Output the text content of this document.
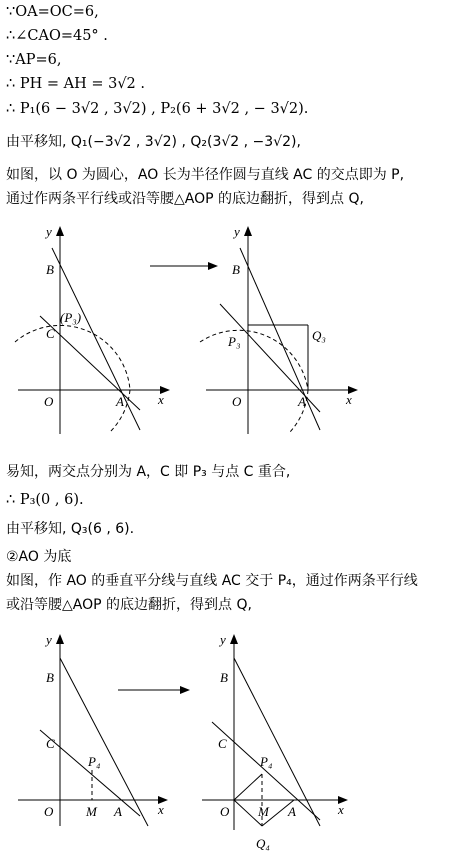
∵OA=OC=6,
∴∠CAO=45° .
∵AP=6,
∴ PH = AH = 3√2 .
∴ P₁(6 − 3√2 , 3√2) , P₂(6 + 3√2 , − 3√2).
由平移知, Q₁(−3√2 , 3√2) , Q₂(3√2 , −3√2),
如图，以 O 为圆心，AO 长为半径作圆与直线 AC 的交点即为 P,
通过作两条平行线或沿等腰△AOP 的底边翻折，得到点 Q,
y
x
O	A
B
C
(P₃)
y
x
O	A
B
P₃	Q₃
易知，两交点分别为 A，C 即 P₃ 与点 C 重合,
∴ P₃(0 , 6).
由平移知, Q₃(6 , 6).
②AO 为底
如图，作 AO 的垂直平分线与直线 AC 交于 P₄，通过作两条平行线
或沿等腰△AOP 的底边翻折，得到点 Q,
y
x
O	A
B
C
P₄
M
y
x
O	A
B
C
P₄
M
Q₄
